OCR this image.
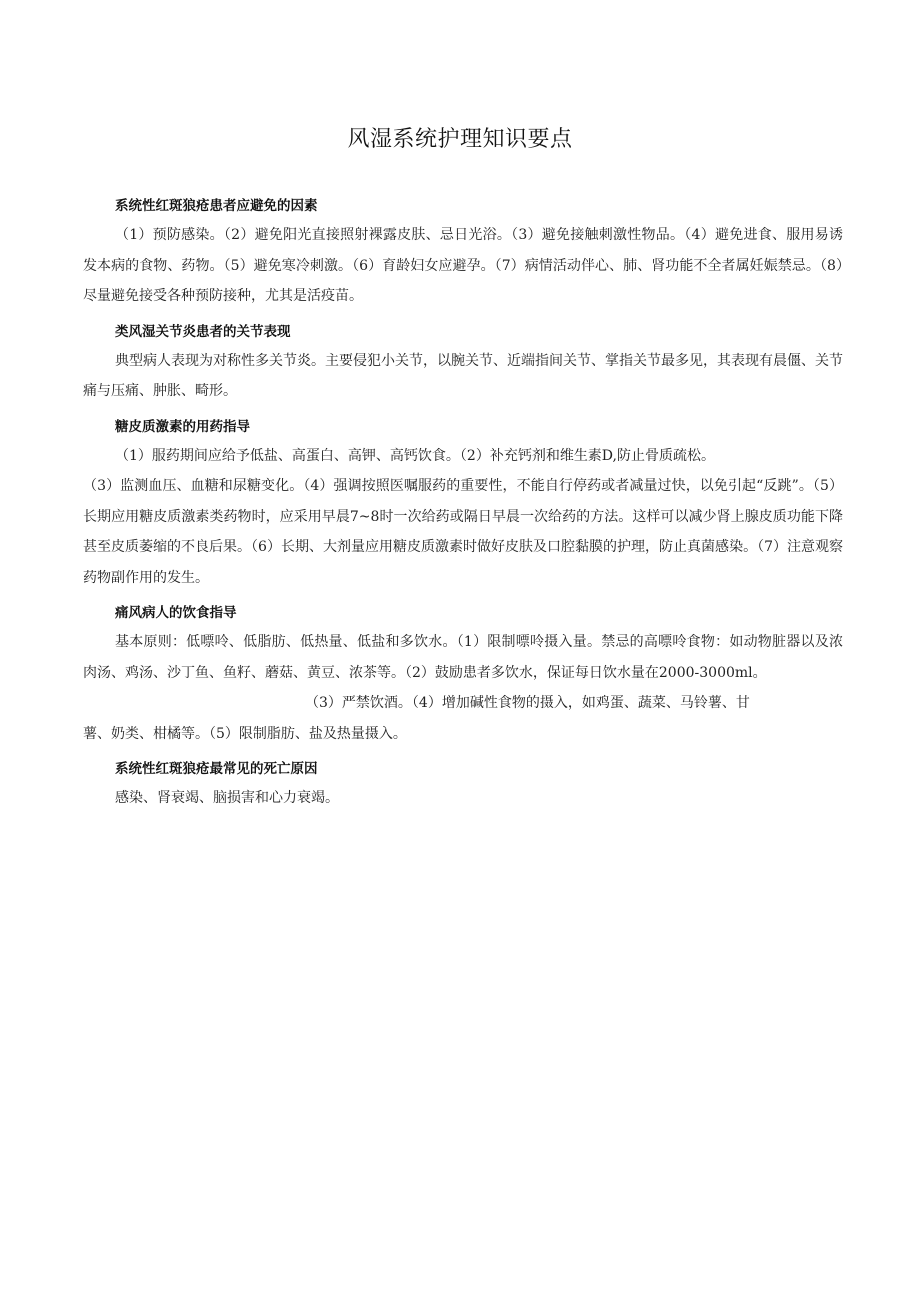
风湿系统护理知识要点

系统性红斑狼疮患者应避免的因素

（1）预防感染。（2）避免阳光直接照射裸露皮肤、忌日光浴。（3）避免接触刺激性物品。（4）避免进食、服用易诱发本病的食物、药物。（5）避免寒冷刺激。（6）育龄妇女应避孕。（7）病情活动伴心、肺、肾功能不全者属妊娠禁忌。（8）尽量避免接受各种预防接种，尤其是活疫苗。

类风湿关节炎患者的关节表现

典型病人表现为对称性多关节炎。主要侵犯小关节，以腕关节、近端指间关节、掌指关节最多见，其表现有晨僵、关节痛与压痛、肿胀、畸形。

糖皮质激素的用药指导

（1）服药期间应给予低盐、高蛋白、高钾、高钙饮食。（2）补充钙剂和维生素D,防止骨质疏松。

（3）监测血压、血糖和尿糖变化。（4）强调按照医嘱服药的重要性，不能自行停药或者减量过快，以免引起“反跳”。（5）长期应用糖皮质激素类药物时，应采用早晨7~8时一次给药或隔日早晨一次给药的方法。这样可以减少肾上腺皮质功能下降甚至皮质萎缩的不良后果。（6）长期、大剂量应用糖皮质激素时做好皮肤及口腔黏膜的护理，防止真菌感染。（7）注意观察药物副作用的发生。

痛风病人的饮食指导

基本原则：低嘌呤、低脂肪、低热量、低盐和多饮水。（1）限制嘌呤摄入量。禁忌的高嘌呤食物：如动物脏器以及浓肉汤、鸡汤、沙丁鱼、鱼籽、蘑菇、黄豆、浓茶等。（2）鼓励患者多饮水，保证每日饮水量在2000-3000ml。

（3）严禁饮酒。（4）增加碱性食物的摄入，如鸡蛋、蔬菜、马铃薯、甘

薯、奶类、柑橘等。（5）限制脂肪、盐及热量摄入。

系统性红斑狼疮最常见的死亡原因

感染、肾衰竭、脑损害和心力衰竭。
